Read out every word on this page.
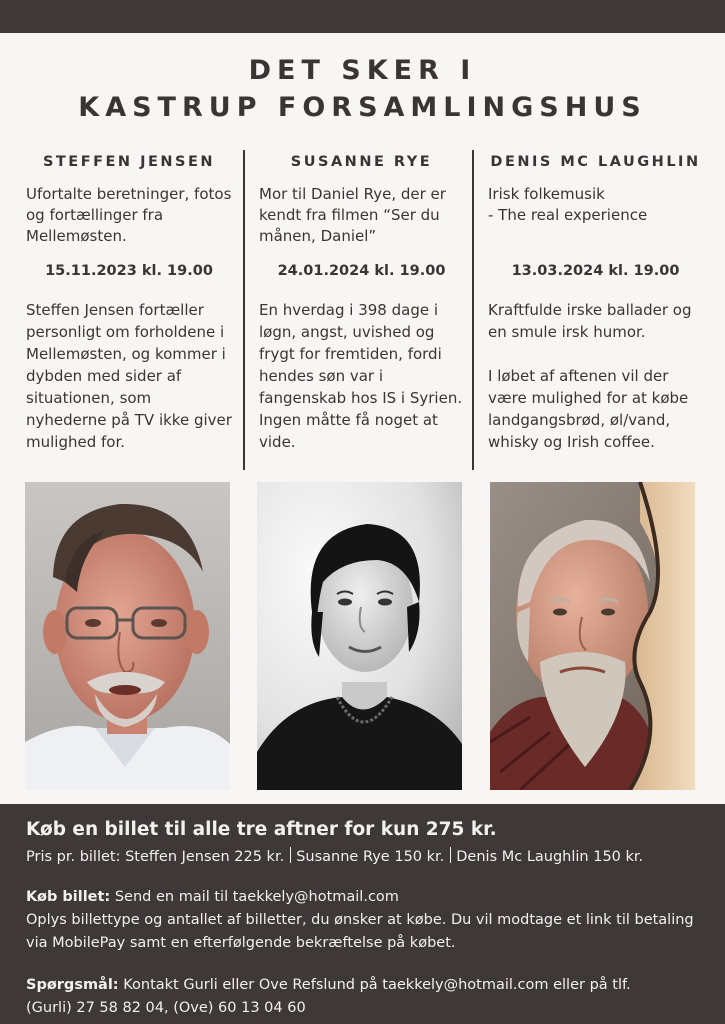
DET SKER I
KASTRUP FORSAMLINGSHUS
STEFFEN JENSEN
Ufortalte beretninger, fotos og fortællinger fra Mellemøsten.
15.11.2023 kl. 19.00

Steffen Jensen fortæller personligt om forholdene i Mellemøsten, og kommer i dybden med sider af situationen, som nyhederne på TV ikke giver mulighed for.

SUSANNE RYE
Mor til Daniel Rye, der er kendt fra filmen “Ser du månen, Daniel”
24.01.2024 kl. 19.00

En hverdag i 398 dage i løgn, angst, uvished og frygt for fremtiden, fordi hendes søn var i fangenskab hos IS i Syrien. Ingen måtte få noget at vide.

DENIS MC LAUGHLIN
Irisk folkemusik
- The real experience
13.03.2024 kl. 19.00

Kraftfulde irske ballader og en smule irsk humor.

I løbet af aftenen vil der være mulighed for at købe landgangsbrød, øl/vand, whisky og Irish coffee.

Køb en billet til alle tre aftner for kun 275 kr.
Pris pr. billet: Steffen Jensen 225 kr. Susanne Rye 150 kr. Denis Mc Laughlin 150 kr.

Køb billet: Send en mail til taekkely@hotmail.com

Oplys billettype og antallet af billetter, du ønsker at købe. Du vil modtage et link til betaling via MobilePay samt en efterfølgende bekræftelse på købet.

Spørgsmål: Kontakt Gurli eller Ove Refslund på taekkely@hotmail.com eller på tlf.

(Gurli) 27 58 82 04, (Ove) 60 13 04 60
